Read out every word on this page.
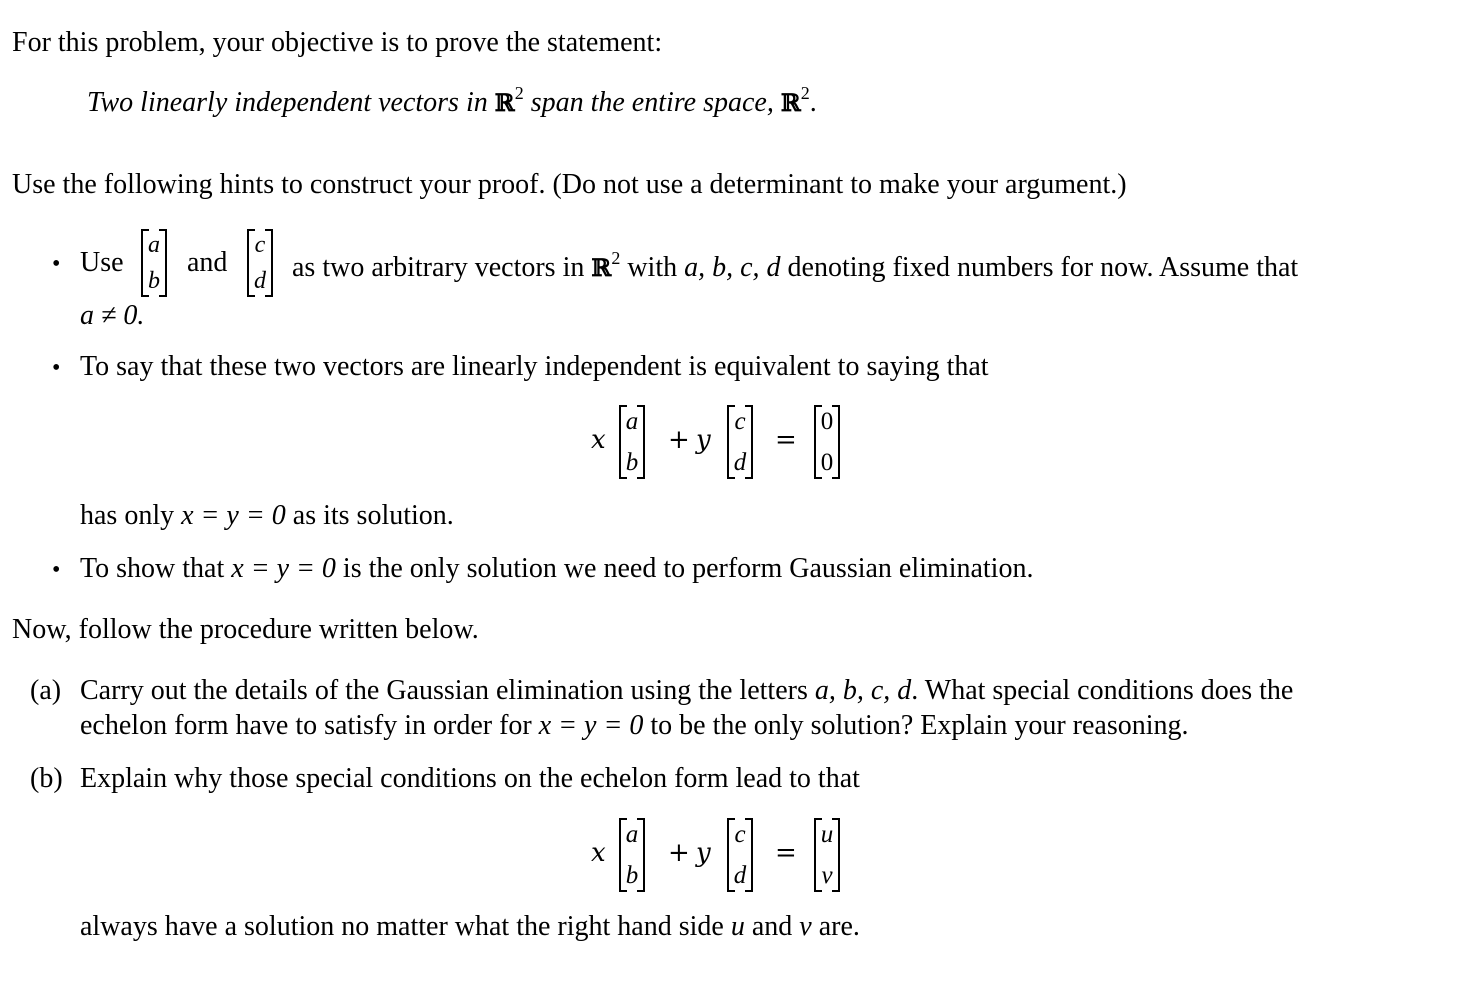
For this problem, your objective is to prove the statement:
Two linearly independent vectors in ℝ$^2$ span the entire space, ℝ$^2$.
Use the following hints to construct your proof. (Do not use a determinant to make your argument.)
• Use
a
b
and
c
d as two arbitrary vectors in ℝ$^2$ with a, b, c, d denoting fixed numbers for now. Assume that
a ≠ 0.
• To say that these two vectors are linearly independent is equivalent to saying that
x
a
b
+ y
c
d
=
0
0
has only x = y = 0 as its solution.
• To show that x = y = 0 is the only solution we need to perform Gaussian elimination.
Now, follow the procedure written below.
(a) Carry out the details of the Gaussian elimination using the letters a, b, c, d. What special conditions does the
echelon form have to satisfy in order for x = y = 0 to be the only solution? Explain your reasoning.
(b) Explain why those special conditions on the echelon form lead to that
x
a
b
+ y
c
d
=
u
v
always have a solution no matter what the right hand side u and v are.
